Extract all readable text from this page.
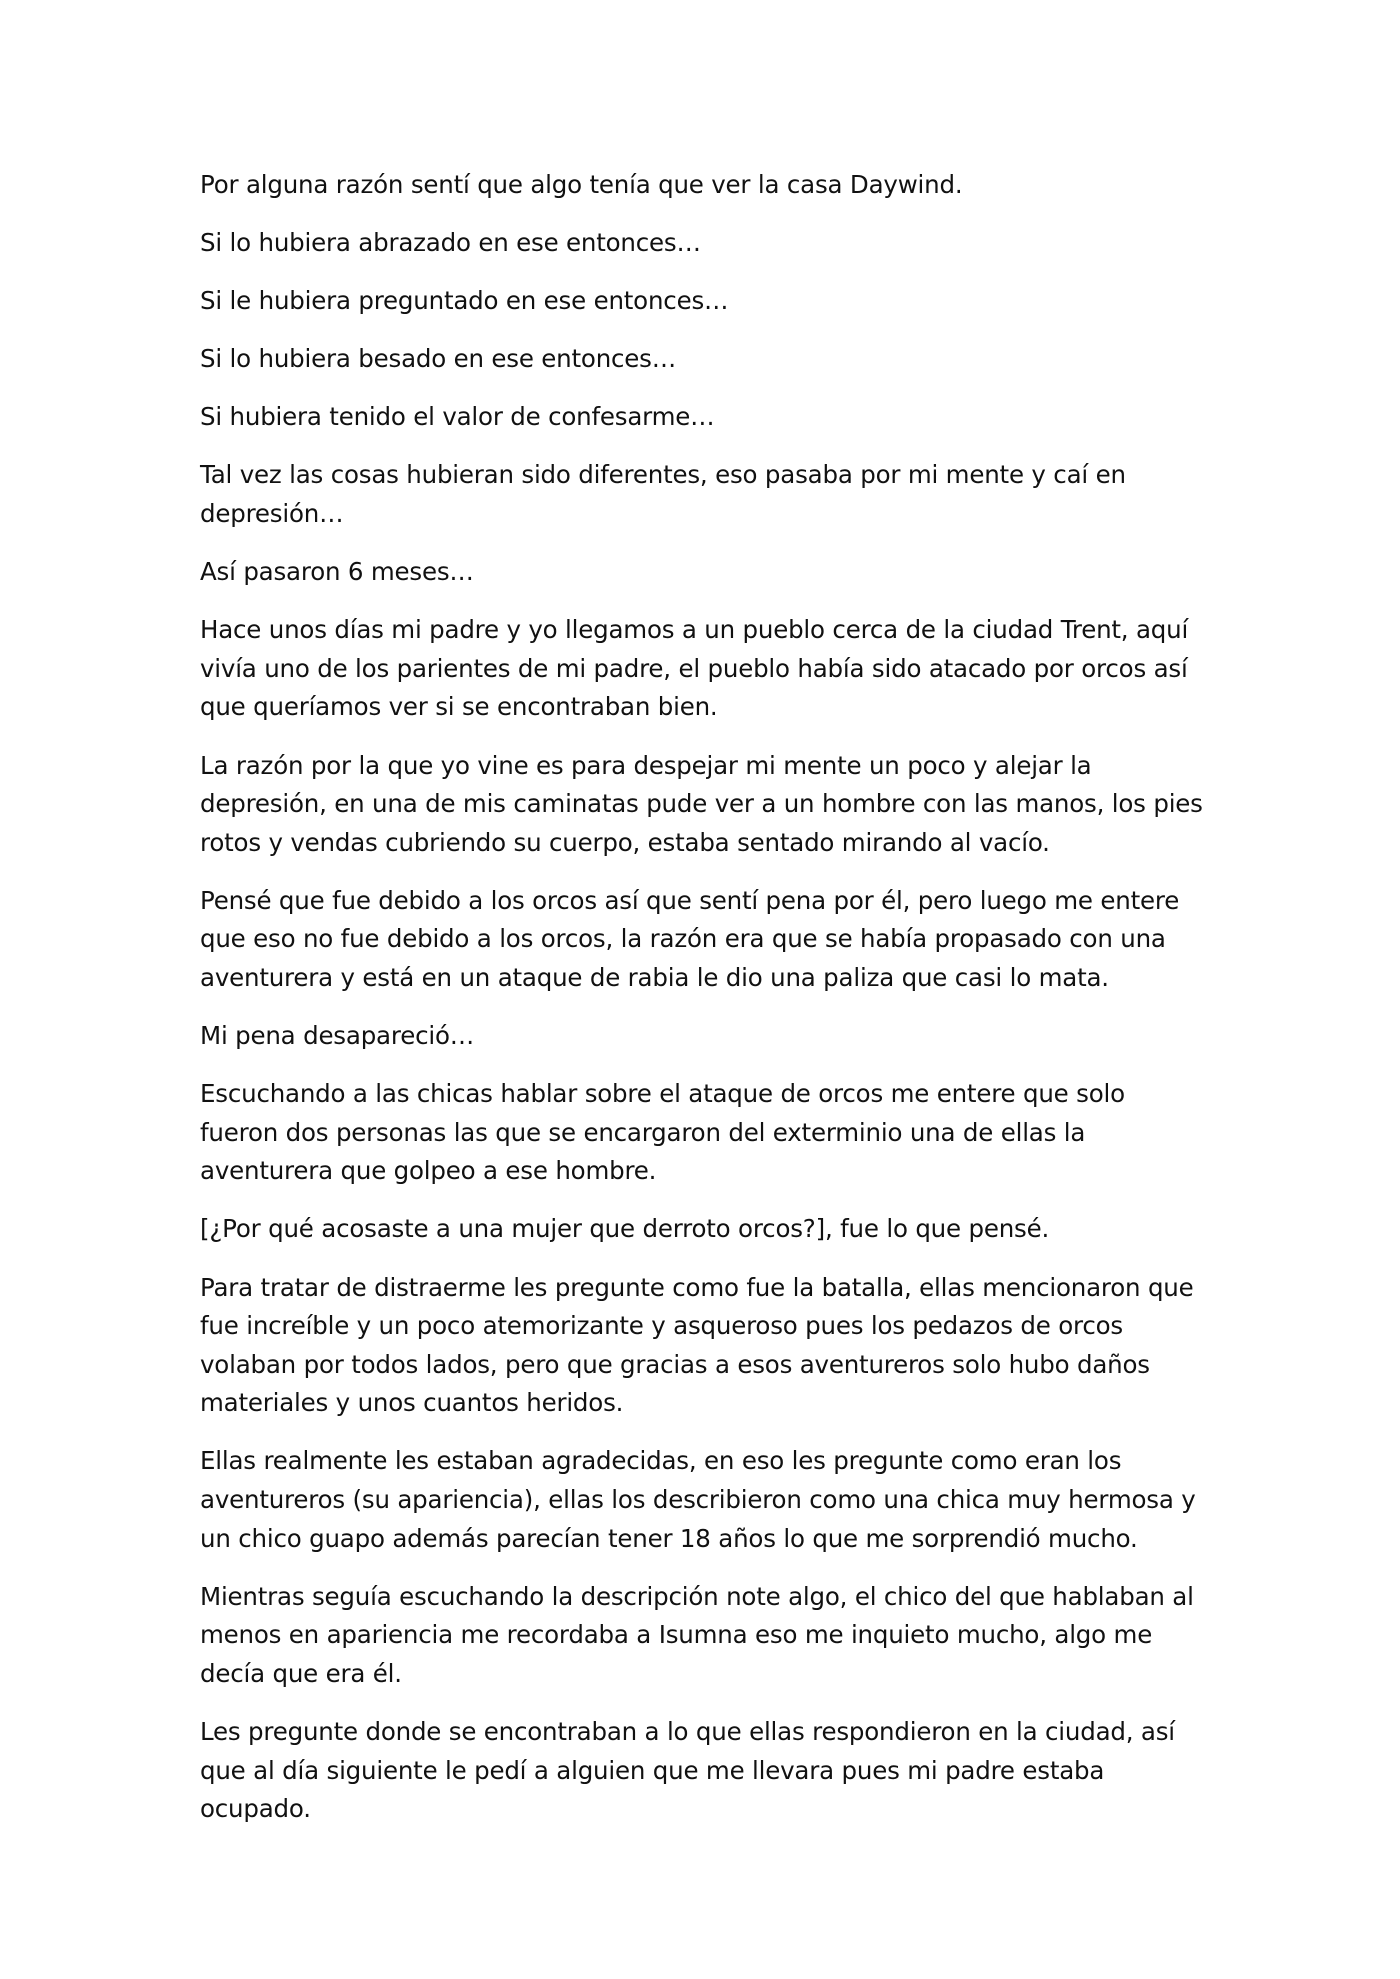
Por alguna razón sentí que algo tenía que ver la casa Daywind.

Si lo hubiera abrazado en ese entonces…

Si le hubiera preguntado en ese entonces…

Si lo hubiera besado en ese entonces…

Si hubiera tenido el valor de confesarme…

Tal vez las cosas hubieran sido diferentes, eso pasaba por mi mente y caí en depresión…

Así pasaron 6 meses…

Hace unos días mi padre y yo llegamos a un pueblo cerca de la ciudad Trent, aquí vivía uno de los parientes de mi padre, el pueblo había sido atacado por orcos así que queríamos ver si se encontraban bien.

La razón por la que yo vine es para despejar mi mente un poco y alejar la depresión, en una de mis caminatas pude ver a un hombre con las manos, los pies rotos y vendas cubriendo su cuerpo, estaba sentado mirando al vacío.

Pensé que fue debido a los orcos así que sentí pena por él, pero luego me entere que eso no fue debido a los orcos, la razón era que se había propasado con una aventurera y está en un ataque de rabia le dio una paliza que casi lo mata.

Mi pena desapareció…

Escuchando a las chicas hablar sobre el ataque de orcos me entere que solo fueron dos personas las que se encargaron del exterminio una de ellas la aventurera que golpeo a ese hombre.

[¿Por qué acosaste a una mujer que derroto orcos?], fue lo que pensé.

Para tratar de distraerme les pregunte como fue la batalla, ellas mencionaron que fue increíble y un poco atemorizante y asqueroso pues los pedazos de orcos volaban por todos lados, pero que gracias a esos aventureros solo hubo daños materiales y unos cuantos heridos.

Ellas realmente les estaban agradecidas, en eso les pregunte como eran los aventureros (su apariencia), ellas los describieron como una chica muy hermosa y un chico guapo además parecían tener 18 años lo que me sorprendió mucho.

Mientras seguía escuchando la descripción note algo, el chico del que hablaban al menos en apariencia me recordaba a Isumna eso me inquieto mucho, algo me decía que era él.

Les pregunte donde se encontraban a lo que ellas respondieron en la ciudad, así que al día siguiente le pedí a alguien que me llevara pues mi padre estaba ocupado.
